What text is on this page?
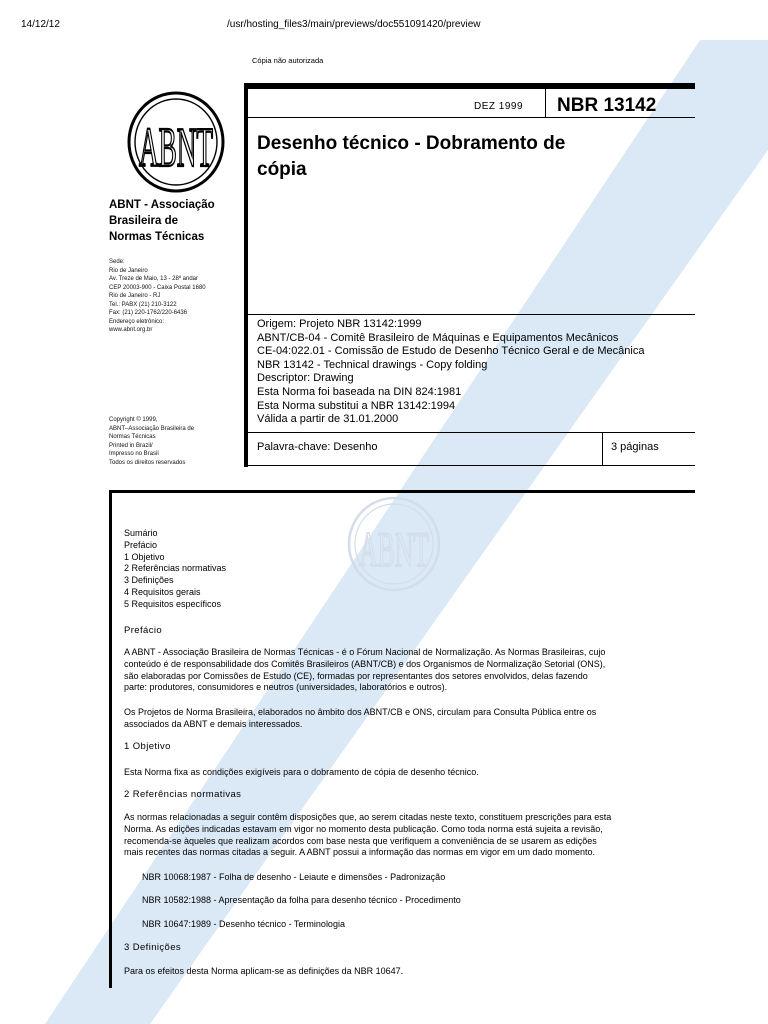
14/12/12	/usr/hosting_files3/main/previews/doc551091420/preview
Cópia não autorizada
ABNT
ABNT - Associação
Brasileira de
Normas Técnicas
Sede:
Rio de Janeiro
Av. Treze de Maio, 13 - 28º andar
CEP 20003-900 - Caixa Postal 1680
Rio de Janeiro - RJ
Tel.: PABX (21) 210-3122
Fax: (21) 220-1762/220-6436
Endereço eletrônico:
www.abnt.org.br
Copyright © 1999,
ABNT–Associação Brasileira de
Normas Técnicas
Printed in Brazil/
Impresso no Brasil
Todos os direitos reservados
DEZ 1999 NBR 13142
Desenho técnico - Dobramento de
cópia
Origem: Projeto NBR 13142:1999
ABNT/CB-04 - Comitê Brasileiro de Máquinas e Equipamentos Mecânicos
CE-04:022.01 - Comissão de Estudo de Desenho Técnico Geral e de Mecânica
NBR 13142 - Technical drawings - Copy folding
Descriptor: Drawing
Esta Norma foi baseada na DIN 824:1981
Esta Norma substitui a NBR 13142:1994
Válida a partir de 31.01.2000
Palavra-chave: Desenho	3 páginas
ABNT
Sumário
Prefácio
1 Objetivo
2 Referências normativas
3 Definições
4 Requisitos gerais
5 Requisitos específicos
Prefácio
A ABNT - Associação Brasileira de Normas Técnicas - é o Fórum Nacional de Normalização. As Normas Brasileiras, cujo
conteúdo é de responsabilidade dos Comitês Brasileiros (ABNT/CB) e dos Organismos de Normalização Setorial (ONS),
são elaboradas por Comissões de Estudo (CE), formadas por representantes dos setores envolvidos, delas fazendo
parte: produtores, consumidores e neutros (universidades, laboratórios e outros).
Os Projetos de Norma Brasileira, elaborados no âmbito dos ABNT/CB e ONS, circulam para Consulta Pública entre os
associados da ABNT e demais interessados.
1 Objetivo
Esta Norma fixa as condições exigíveis para o dobramento de cópia de desenho técnico.
2 Referências normativas
As normas relacionadas a seguir contêm disposições que, ao serem citadas neste texto, constituem prescrições para esta
Norma. As edições indicadas estavam em vigor no momento desta publicação. Como toda norma está sujeita a revisão,
recomenda-se àqueles que realizam acordos com base nesta que verifiquem a conveniência de se usarem as edições
mais recentes das normas citadas a seguir. A ABNT possui a informação das normas em vigor em um dado momento.
NBR 10068:1987 - Folha de desenho - Leiaute e dimensões - Padronização
NBR 10582:1988 - Apresentação da folha para desenho técnico - Procedimento
NBR 10647:1989 - Desenho técnico - Terminologia
3 Definições
Para os efeitos desta Norma aplicam-se as definições da NBR 10647.
